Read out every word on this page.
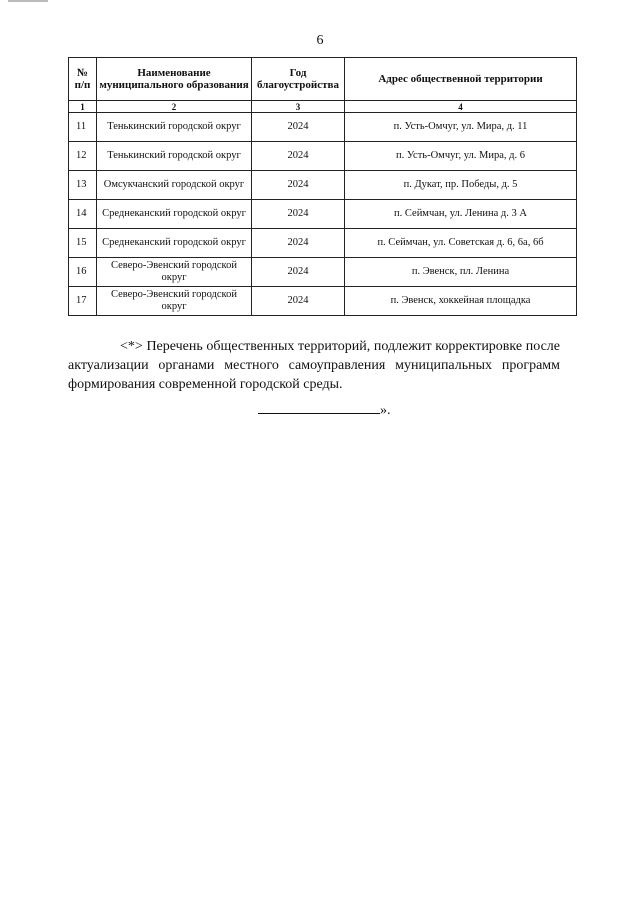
6
№ п/п	Наименование муниципального образования	Год благоустройства	Адрес общественной территории
1	2	3	4
11	Тенькинский городской округ	2024	п. Усть-Омчуг, ул. Мира, д. 11
12	Тенькинский городской округ	2024	п. Усть-Омчуг, ул. Мира, д. 6
13	Омсукчанский городской округ	2024	п. Дукат, пр. Победы, д. 5
14	Среднеканский городской округ	2024	п. Сеймчан, ул. Ленина д. 3 А
15	Среднеканский городской округ	2024	п. Сеймчан, ул. Советская д. 6, 6а, 6б
16	Северо-Эвенский городской округ	2024	п. Эвенск, пл. Ленина
17	Северо-Эвенский городской округ	2024	п. Эвенск, хоккейная площадка

<*> Перечень общественных территорий, подлежит корректировке после актуализации органами местного самоуправления муниципальных программ формирования современной городской среды.

».
